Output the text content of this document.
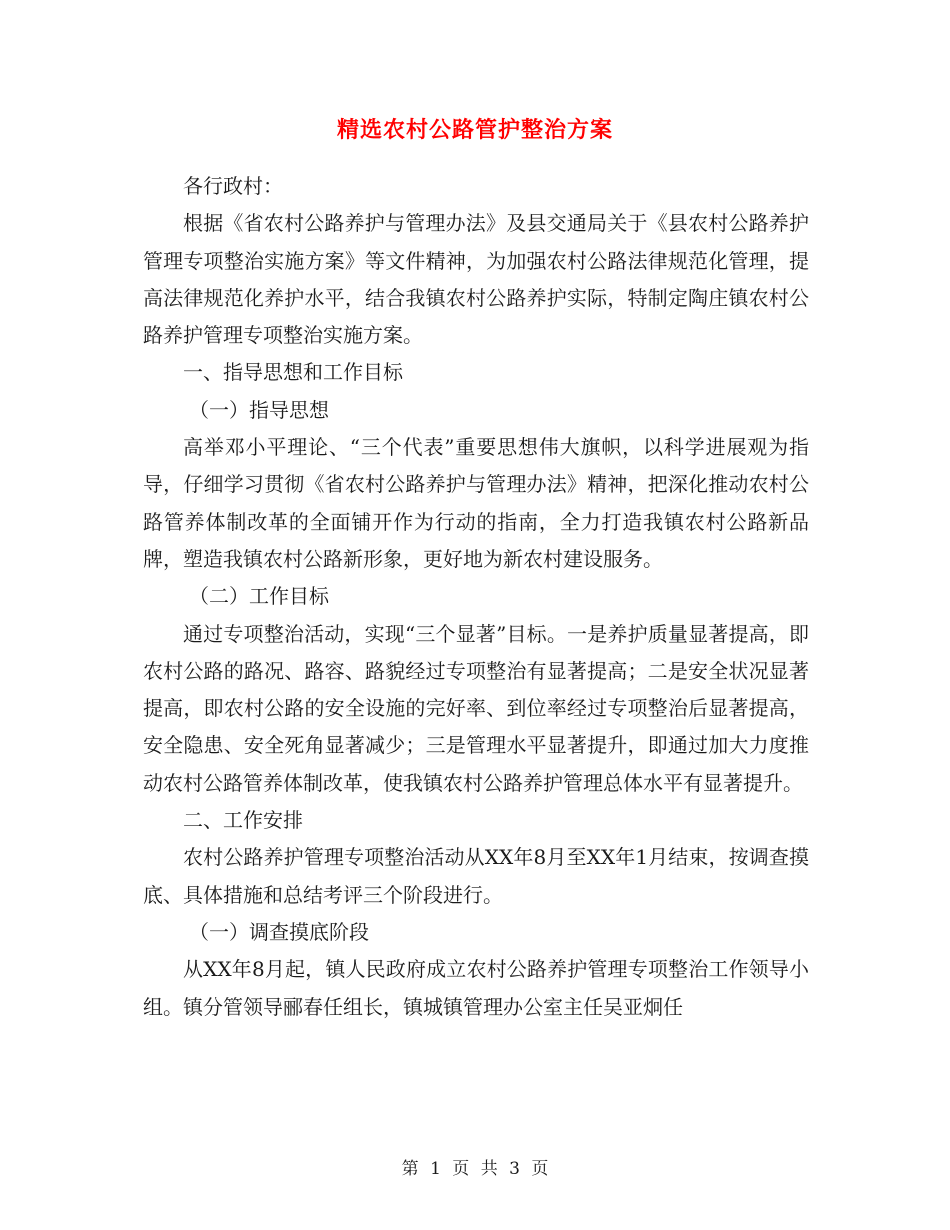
精选农村公路管护整治方案

各行政村：

根据《省农村公路养护与管理办法》及县交通局关于《县农村公路养护管理专项整治实施方案》等文件精神，为加强农村公路法律规范化管理，提高法律规范化养护水平，结合我镇农村公路养护实际，特制定陶庄镇农村公路养护管理专项整治实施方案。

一、指导思想和工作目标

（一）指导思想

高举邓小平理论、“三个代表”重要思想伟大旗帜，以科学进展观为指导，仔细学习贯彻《省农村公路养护与管理办法》精神，把深化推动农村公路管养体制改革的全面铺开作为行动的指南，全力打造我镇农村公路新品牌，塑造我镇农村公路新形象，更好地为新农村建设服务。

（二）工作目标

通过专项整治活动，实现“三个显著”目标。一是养护质量显著提高，即农村公路的路况、路容、路貌经过专项整治有显著提高；二是安全状况显著提高，即农村公路的安全设施的完好率、到位率经过专项整治后显著提高，安全隐患、安全死角显著减少；三是管理水平显著提升，即通过加大力度推动农村公路管养体制改革，使我镇农村公路养护管理总体水平有显著提升。

二、工作安排

农村公路养护管理专项整治活动从XX年8月至XX年1月结束，按调查摸底、具体措施和总结考评三个阶段进行。

（一）调查摸底阶段

从XX年8月起，镇人民政府成立农村公路养护管理专项整治工作领导小组。镇分管领导郦春任组长，镇城镇管理办公室主任吴亚炯任

第 1 页 共 3 页
